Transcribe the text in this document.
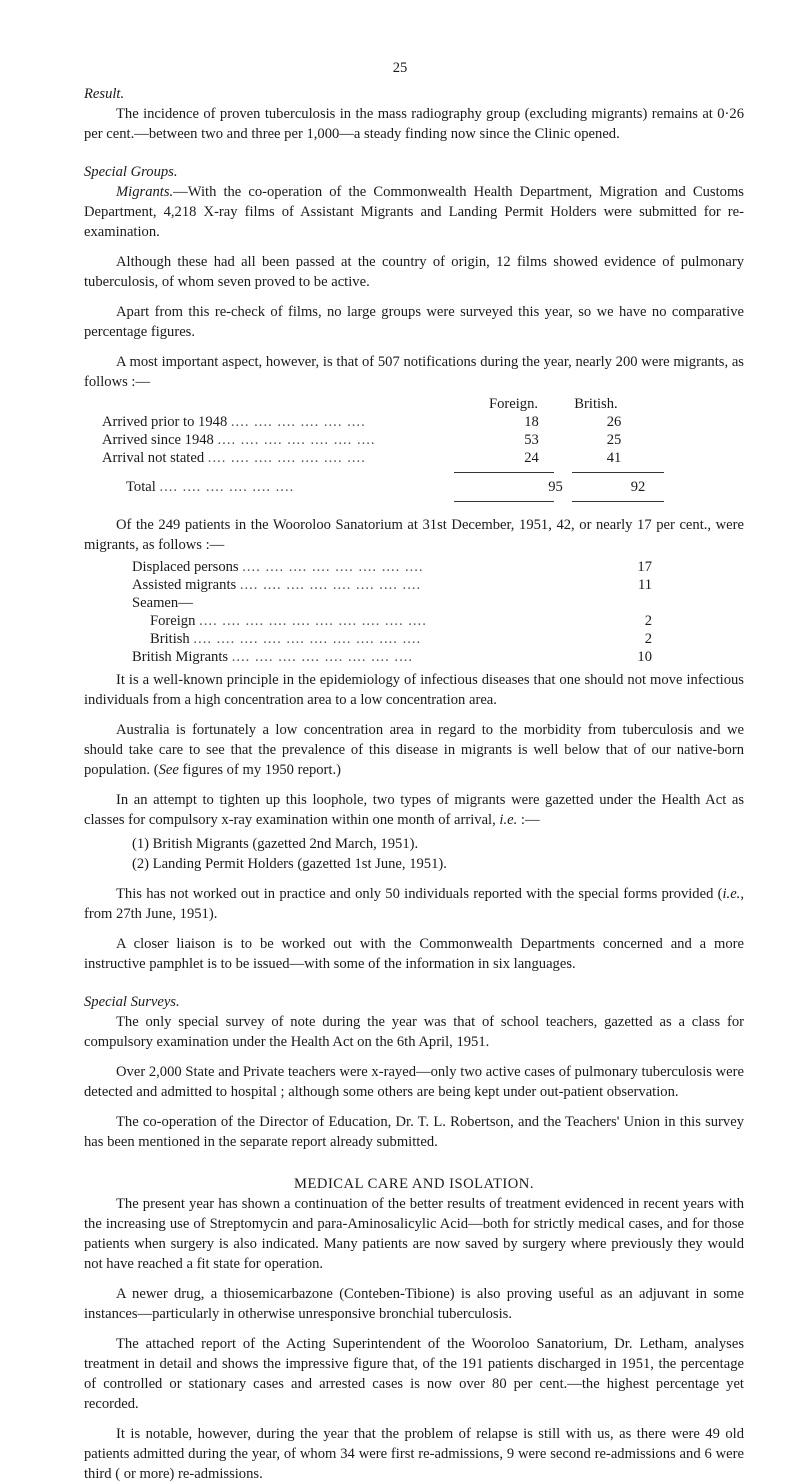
25

Result.

The incidence of proven tuberculosis in the mass radiography group (excluding migrants) remains at 0·26 per cent.—between two and three per 1,000—a steady finding now since the Clinic opened.

Special Groups.

Migrants.—With the co-operation of the Commonwealth Health Department, Migration and Customs Department, 4,218 X-ray films of Assistant Migrants and Landing Permit Holders were submitted for re-examination.

Although these had all been passed at the country of origin, 12 films showed evidence of pulmonary tuberculosis, of whom seven proved to be active.

Apart from this re-check of films, no large groups were surveyed this year, so we have no comparative percentage figures.

A most important aspect, however, is that of 507 notifications during the year, nearly 200 were migrants, as follows :—

Foreign.	British.
Arrived prior to 1948 .... .... .... .... .... ....	18	26
Arrived since 1948 .... .... .... .... .... .... ....	53	25
Arrival not stated .... .... .... .... .... .... ....	24	41
Total .... .... .... .... .... ....	95	92

Of the 249 patients in the Wooroloo Sanatorium at 31st December, 1951, 42, or nearly 17 per cent., were migrants, as follows :—

Displaced persons .... .... .... .... .... .... .... ....	17
Assisted migrants .... .... .... .... .... .... .... ....	11
Seamen—
Foreign .... .... .... .... .... .... .... .... .... ....	2
British .... .... .... .... .... .... .... .... .... ....	2
British Migrants .... .... .... .... .... .... .... ....	10

It is a well-known principle in the epidemiology of infectious diseases that one should not move infectious individuals from a high concentration area to a low concentration area.

Australia is fortunately a low concentration area in regard to the morbidity from tuberculosis and we should take care to see that the prevalence of this disease in migrants is well below that of our native-born population. (See figures of my 1950 report.)

In an attempt to tighten up this loophole, two types of migrants were gazetted under the Health Act as classes for compulsory x-ray examination within one month of arrival, i.e. :—

(1) British Migrants (gazetted 2nd March, 1951).
(2) Landing Permit Holders (gazetted 1st June, 1951).

This has not worked out in practice and only 50 individuals reported with the special forms provided (i.e., from 27th June, 1951).

A closer liaison is to be worked out with the Commonwealth Departments concerned and a more instructive pamphlet is to be issued—with some of the information in six languages.

Special Surveys.

The only special survey of note during the year was that of school teachers, gazetted as a class for compulsory examination under the Health Act on the 6th April, 1951.

Over 2,000 State and Private teachers were x-rayed—only two active cases of pulmonary tuberculosis were detected and admitted to hospital ; although some others are being kept under out-patient observation.

The co-operation of the Director of Education, Dr. T. L. Robertson, and the Teachers' Union in this survey has been mentioned in the separate report already submitted.

MEDICAL CARE AND ISOLATION.

The present year has shown a continuation of the better results of treatment evidenced in recent years with the increasing use of Streptomycin and para-Aminosalicylic Acid—both for strictly medical cases, and for those patients when surgery is also indicated. Many patients are now saved by surgery where previously they would not have reached a fit state for operation.

A newer drug, a thiosemicarbazone (Conteben-Tibione) is also proving useful as an adjuvant in some instances—particularly in otherwise unresponsive bronchial tuberculosis.

The attached report of the Acting Superintendent of the Wooroloo Sanatorium, Dr. Letham, analyses treatment in detail and shows the impressive figure that, of the 191 patients discharged in 1951, the percentage of controlled or stationary cases and arrested cases is now over 80 per cent.—the highest percentage yet recorded.

It is notable, however, during the year that the problem of relapse is still with us, as there were 49 old patients admitted during the year, of whom 34 were first re-admissions, 9 were second re-admissions and 6 were third ( or more) re-admissions.
